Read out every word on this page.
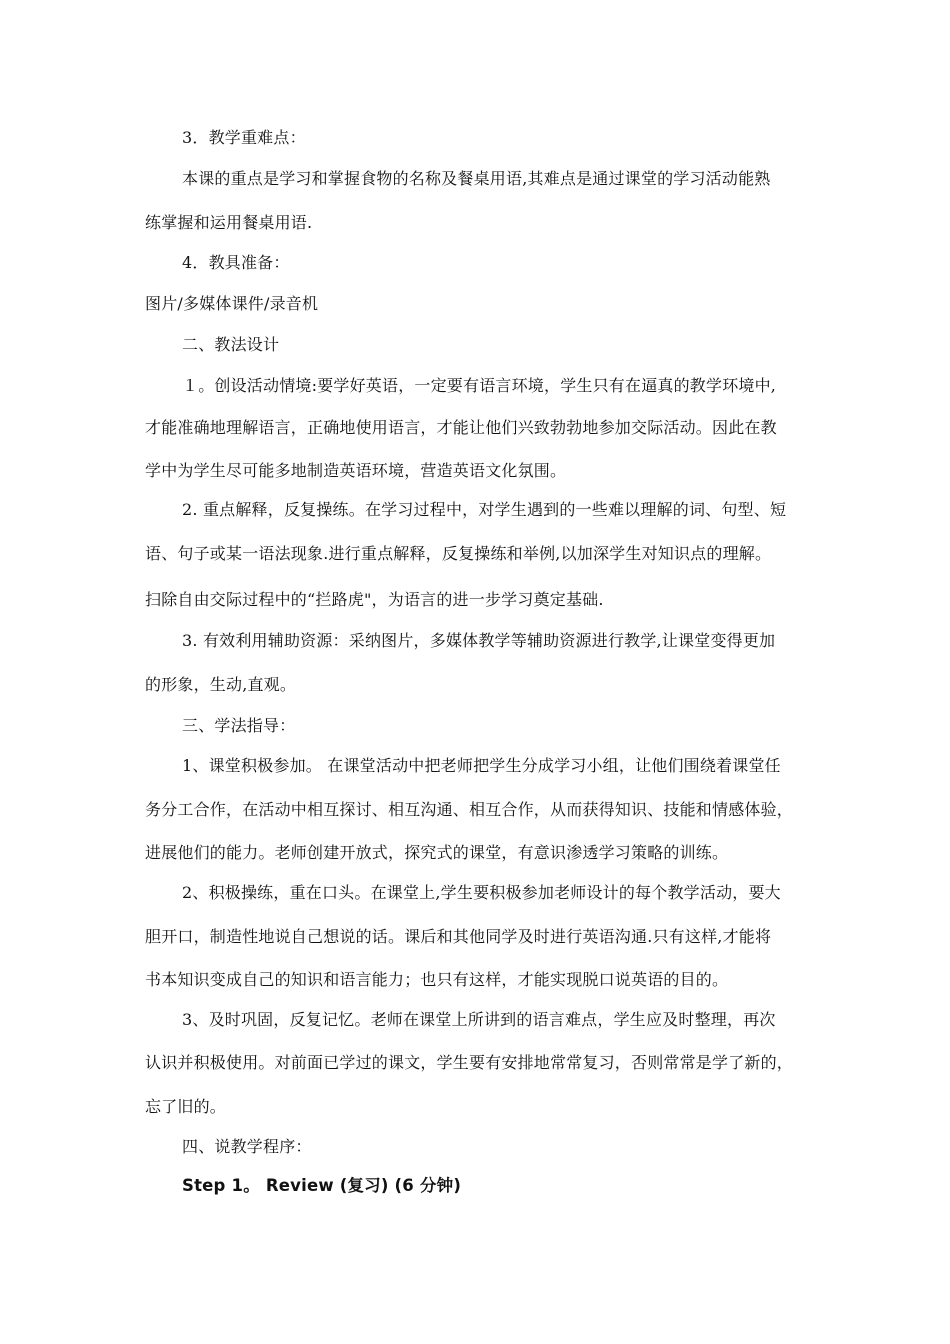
3．教学重难点：
本课的重点是学习和掌握食物的名称及餐桌用语,其难点是通过课堂的学习活动能熟
练掌握和运用餐桌用语.
4．教具准备：
图片/多媒体课件/录音机
二、教法设计
１。创设活动情境:要学好英语，一定要有语言环境，学生只有在逼真的教学环境中,
才能准确地理解语言，正确地使用语言，才能让他们兴致勃勃地参加交际活动。因此在教
学中为学生尽可能多地制造英语环境，营造英语文化氛围。
2. 重点解释，反复操练。在学习过程中，对学生遇到的一些难以理解的词、句型、短
语、句子或某一语法现象.进行重点解释，反复操练和举例,以加深学生对知识点的理解。
扫除自由交际过程中的“拦路虎"，为语言的进一步学习奠定基础.
3. 有效利用辅助资源：采纳图片，多媒体教学等辅助资源进行教学,让课堂变得更加
的形象，生动,直观。
三、学法指导：
1、课堂积极参加。 在课堂活动中把老师把学生分成学习小组，让他们围绕着课堂任
务分工合作，在活动中相互探讨、相互沟通、相互合作，从而获得知识、技能和情感体验，
进展他们的能力。老师创建开放式，探究式的课堂，有意识渗透学习策略的训练。
2、积极操练，重在口头。在课堂上,学生要积极参加老师设计的每个教学活动，要大
胆开口，制造性地说自己想说的话。课后和其他同学及时进行英语沟通.只有这样,才能将
书本知识变成自己的知识和语言能力；也只有这样，才能实现脱口说英语的目的。
3、及时巩固，反复记忆。老师在课堂上所讲到的语言难点，学生应及时整理，再次
认识并积极使用。对前面已学过的课文，学生要有安排地常常复习，否则常常是学了新的，
忘了旧的。
四、说教学程序：
Step 1。 Review (复习) (6 分钟)
